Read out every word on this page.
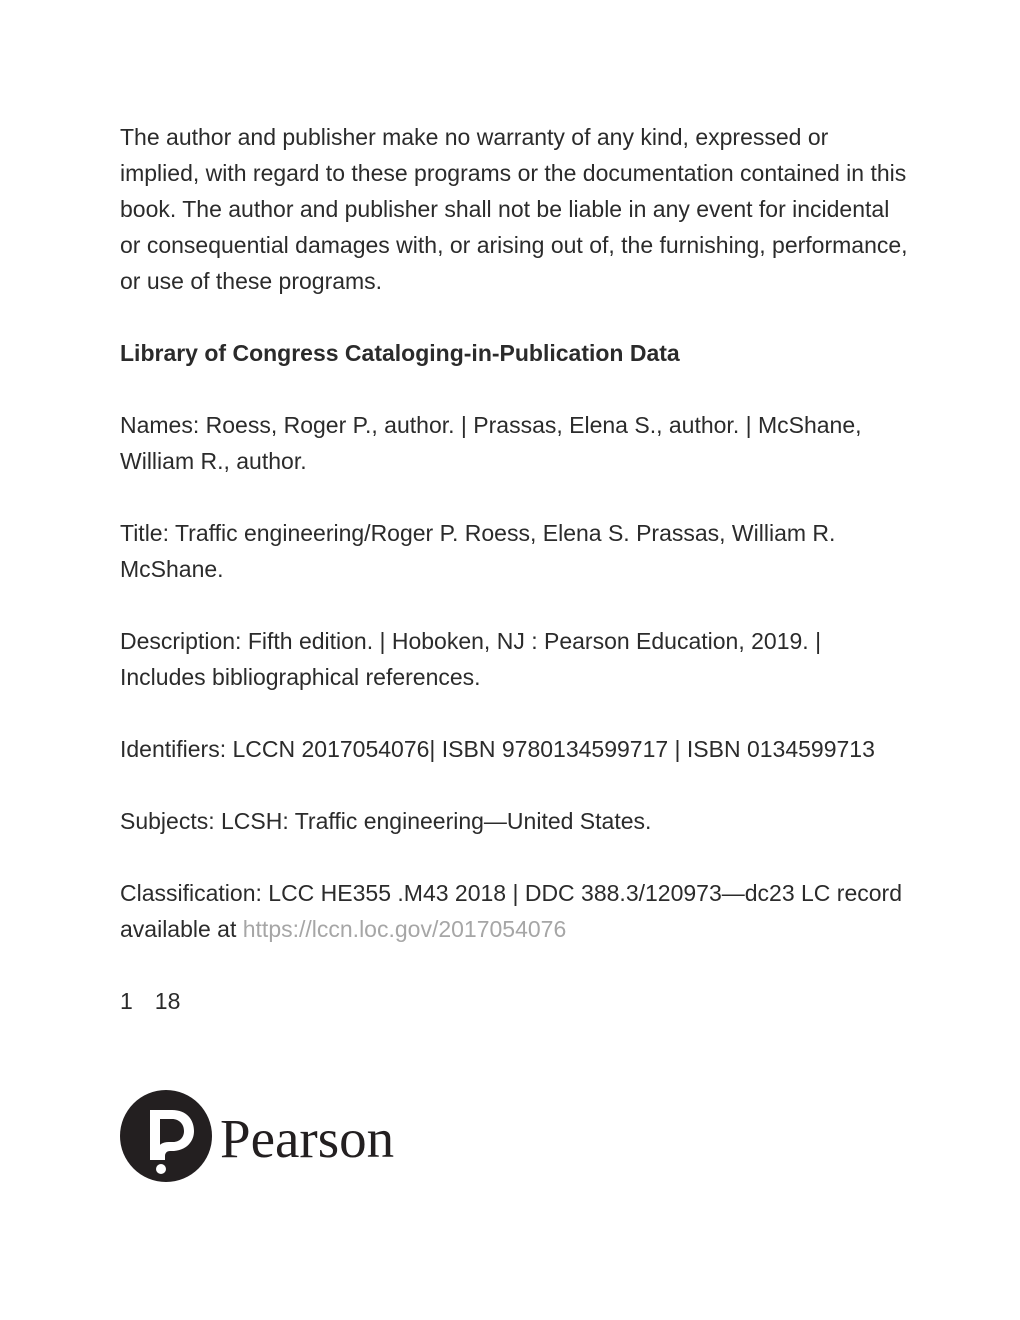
The author and publisher make no warranty of any kind, expressed or implied, with regard to these programs or the documentation contained in this book. The author and publisher shall not be liable in any event for incidental or consequential damages with, or arising out of, the furnishing, performance, or use of these programs.

Library of Congress Cataloging-in-Publication Data

Names: Roess, Roger P., author. | Prassas, Elena S., author. | McShane, William R., author.

Title: Traffic engineering/Roger P. Roess, Elena S. Prassas, William R. McShane.

Description: Fifth edition. | Hoboken, NJ : Pearson Education, 2019. | Includes bibliographical references.

Identifiers: LCCN 2017054076| ISBN 9780134599717 | ISBN 0134599713

Subjects: LCSH: Traffic engineering—United States.

Classification: LCC HE355 .M43 2018 | DDC 388.3/120973—dc23 LC record available at https://lccn.loc.gov/2017054076

1 18

Pearson
